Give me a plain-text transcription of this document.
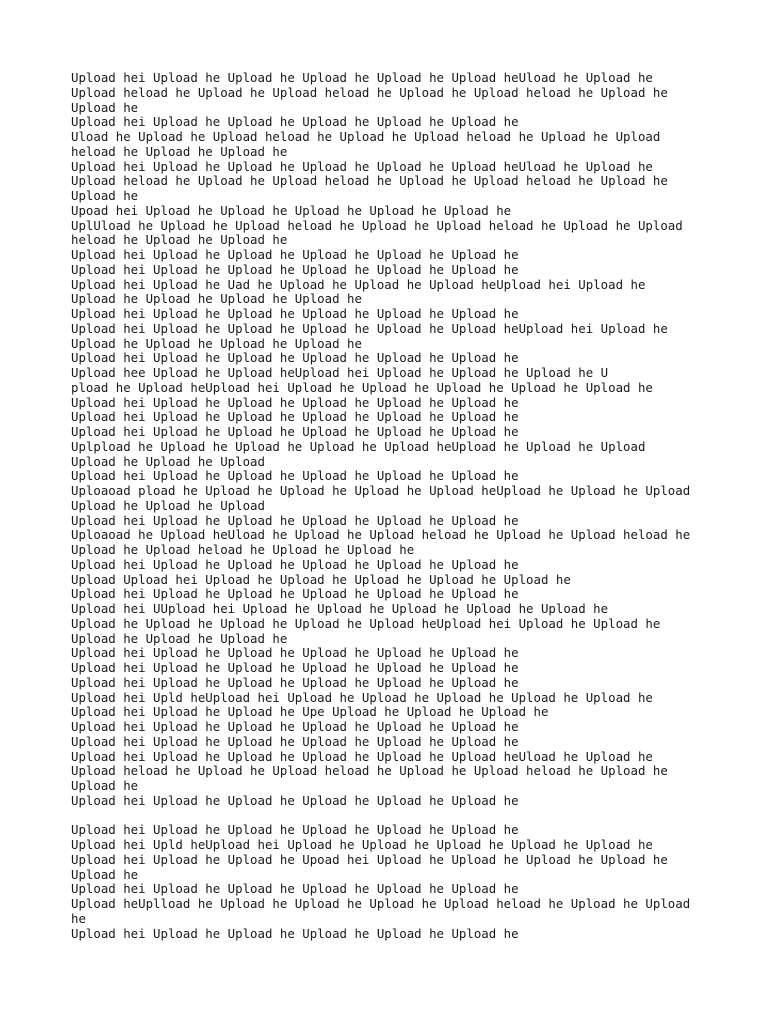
Upload hei Upload he Upload he Upload he Upload he Upload heUload he Upload he
Upload heload he Upload he Upload heload he Upload he Upload heload he Upload he
Upload he
Upload hei Upload he Upload he Upload he Upload he Upload he
Uload he Upload he Upload heload he Upload he Upload heload he Upload he Upload
heload he Upload he Upload he
Upload hei Upload he Upload he Upload he Upload he Upload heUload he Upload he
Upload heload he Upload he Upload heload he Upload he Upload heload he Upload he
Upload he
Upoad hei Upload he Upload he Upload he Upload he Upload he
UplUload he Upload he Upload heload he Upload he Upload heload he Upload he Upload
heload he Upload he Upload he
Upload hei Upload he Upload he Upload he Upload he Upload he
Upload hei Upload he Upload he Upload he Upload he Upload he
Upload hei Upload he Uad he Upload he Upload he Upload heUpload hei Upload he
Upload he Upload he Upload he Upload he
Upload hei Upload he Upload he Upload he Upload he Upload he
Upload hei Upload he Upload he Upload he Upload he Upload heUpload hei Upload he
Upload he Upload he Upload he Upload he
Upload hei Upload he Upload he Upload he Upload he Upload he
Upload hee Upload he Upload heUpload hei Upload he Upload he Upload he U
pload he Upload heUpload hei Upload he Upload he Upload he Upload he Upload he
Upload hei Upload he Upload he Upload he Upload he Upload he
Upload hei Upload he Upload he Upload he Upload he Upload he
Upload hei Upload he Upload he Upload he Upload he Upload he
Uplpload he Upload he Upload he Upload he Upload heUpload he Upload he Upload
Upload he Upload he Upload
Upload hei Upload he Upload he Upload he Upload he Upload he
Uploaoad pload he Upload he Upload he Upload he Upload heUpload he Upload he Upload
Upload he Upload he Upload
Upload hei Upload he Upload he Upload he Upload he Upload he
Uploaoad he Upload heUload he Upload he Upload heload he Upload he Upload heload he
Upload he Upload heload he Upload he Upload he
Upload hei Upload he Upload he Upload he Upload he Upload he
Upload Upload hei Upload he Upload he Upload he Upload he Upload he
Upload hei Upload he Upload he Upload he Upload he Upload he
Upload hei UUpload hei Upload he Upload he Upload he Upload he Upload he
Upload he Upload he Upload he Upload he Upload heUpload hei Upload he Upload he
Upload he Upload he Upload he
Upload hei Upload he Upload he Upload he Upload he Upload he
Upload hei Upload he Upload he Upload he Upload he Upload he
Upload hei Upload he Upload he Upload he Upload he Upload he
Upload hei Upld heUpload hei Upload he Upload he Upload he Upload he Upload he
Upload hei Upload he Upload he Upe Upload he Upload he Upload he
Upload hei Upload he Upload he Upload he Upload he Upload he
Upload hei Upload he Upload he Upload he Upload he Upload he
Upload hei Upload he Upload he Upload he Upload he Upload heUload he Upload he
Upload heload he Upload he Upload heload he Upload he Upload heload he Upload he
Upload he
Upload hei Upload he Upload he Upload he Upload he Upload he
Upload hei Upload he Upload he Upload he Upload he Upload he
Upload hei Upld heUpload hei Upload he Upload he Upload he Upload he Upload he
Upload hei Upload he Upload he Upoad hei Upload he Upload he Upload he Upload he
Upload he
Upload hei Upload he Upload he Upload he Upload he Upload he
Upload heUplload he Upload he Upload he Upload he Upload heload he Upload he Upload
he
Upload hei Upload he Upload he Upload he Upload he Upload he
